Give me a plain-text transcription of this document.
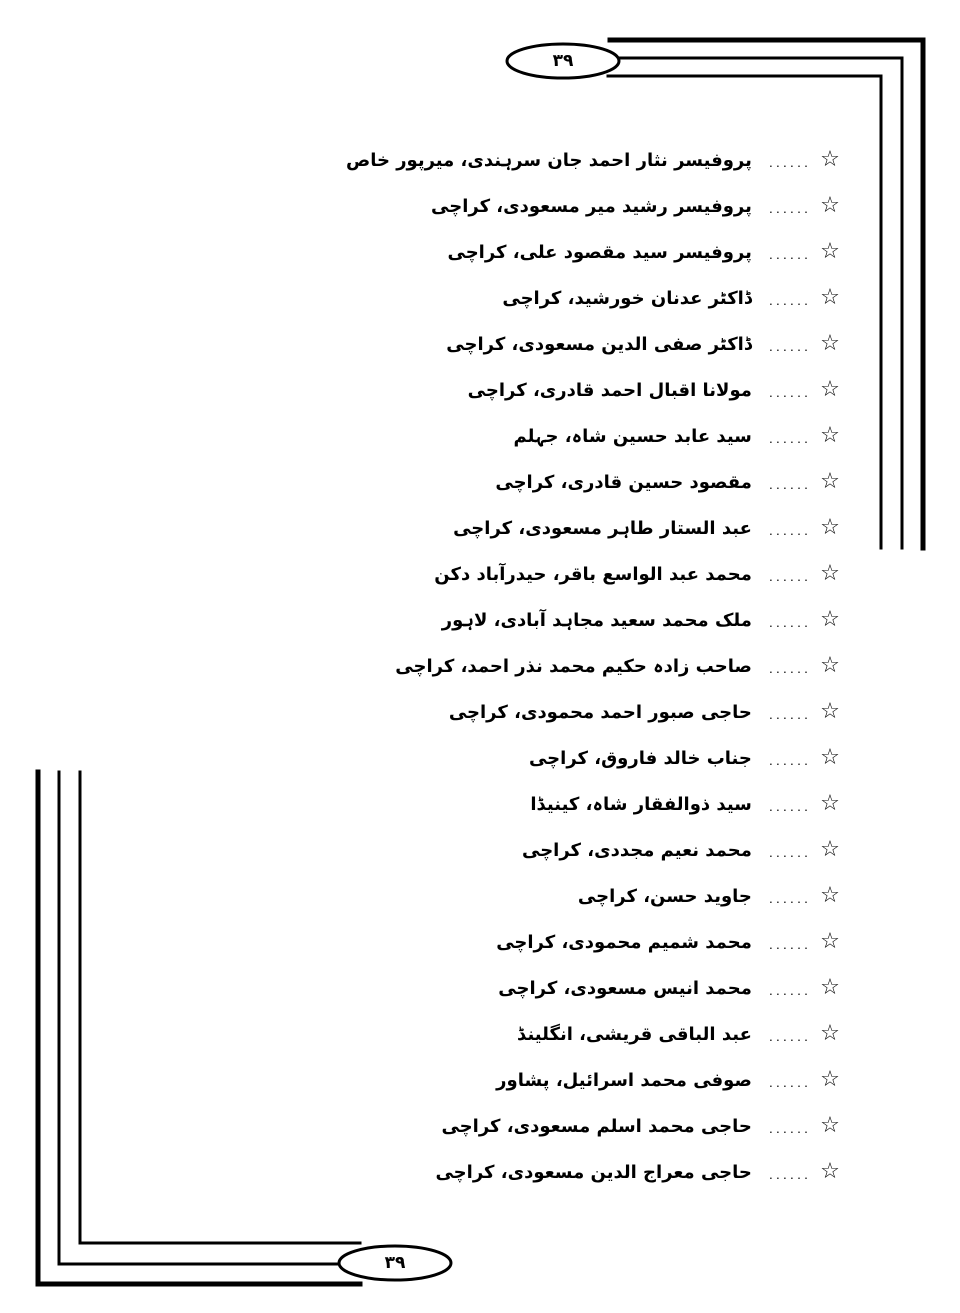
۳۹
۳۹
☆
......
پروفیسر نثار احمد جان سرہندی، میرپور خاص
☆
......
پروفیسر رشید میر مسعودی، کراچی
☆
......
پروفیسر سید مقصود علی، کراچی
☆
......
ڈاکٹر عدنان خورشید، کراچی
☆
......
ڈاکٹر صفی الدین مسعودی، کراچی
☆
......
مولانا اقبال احمد قادری، کراچی
☆
......
سید عابد حسین شاہ، جہلم
☆
......
مقصود حسین قادری، کراچی
☆
......
عبد الستار طاہر مسعودی، کراچی
☆
......
محمد عبد الواسع باقر، حیدرآباد دکن
☆
......
ملک محمد سعید مجاہد آبادی، لاہور
☆
......
صاحب زادہ حکیم محمد نذر احمد، کراچی
☆
......
حاجی صبور احمد محمودی، کراچی
☆
......
جناب خالد فاروق، کراچی
☆
......
سید ذوالفقار شاہ، کینیڈا
☆
......
محمد نعیم مجددی، کراچی
☆
......
جاوید حسن، کراچی
☆
......
محمد شمیم محمودی، کراچی
☆
......
محمد انیس مسعودی، کراچی
☆
......
عبد الباقی قریشی، انگلینڈ
☆
......
صوفی محمد اسرائیل، پشاور
☆
......
حاجی محمد اسلم مسعودی، کراچی
☆
......
حاجی معراج الدین مسعودی، کراچی
